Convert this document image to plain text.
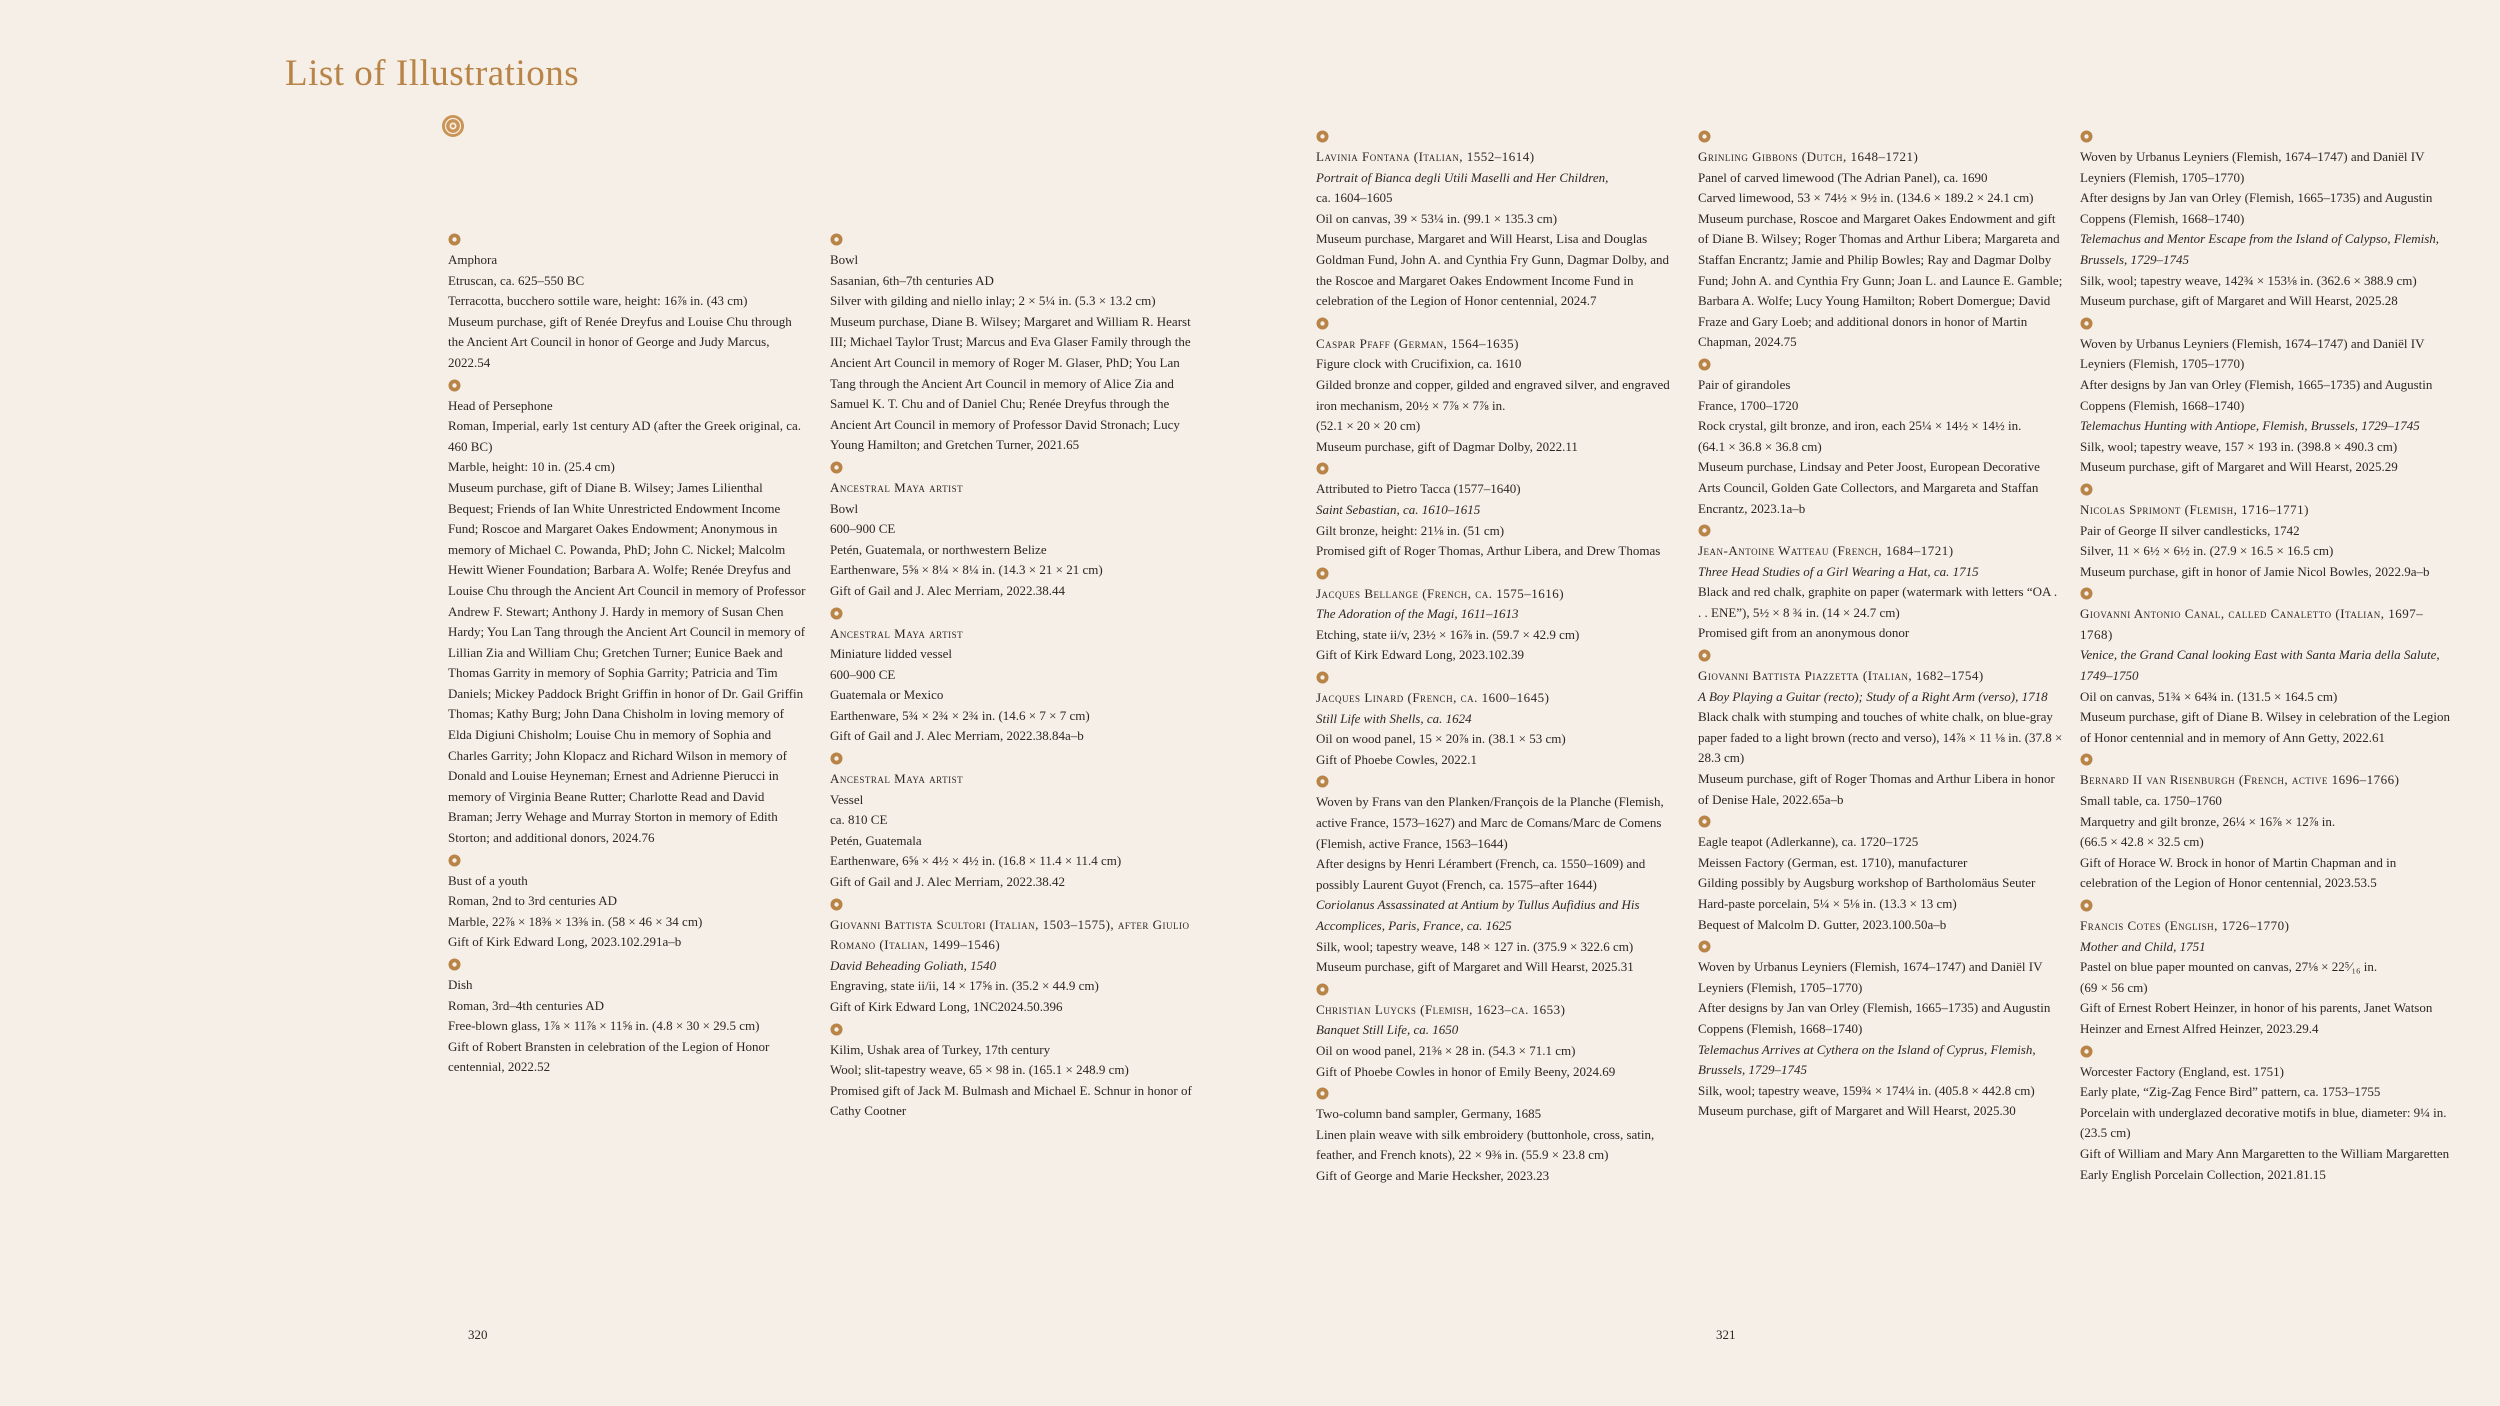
List of Illustrations

Amphora

Etruscan, ca. 625–550 BC

Terracotta, bucchero sottile ware, height: 16⅞ in. (43 cm)

Museum purchase, gift of Renée Dreyfus and Louise Chu through the Ancient Art Council in honor of George and Judy Marcus, 2022.54

Head of Persephone

Roman, Imperial, early 1st century AD (after the Greek original, ca. 460 BC)

Marble, height: 10 in. (25.4 cm)

Museum purchase, gift of Diane B. Wilsey; James Lilienthal Bequest; Friends of Ian White Unrestricted Endowment Income Fund; Roscoe and Margaret Oakes Endowment; Anonymous in memory of Michael C. Powanda, PhD; John C. Nickel; Malcolm Hewitt Wiener Foundation; Barbara A. Wolfe; Renée Dreyfus and Louise Chu through the Ancient Art Council in memory of Professor Andrew F. Stewart; Anthony J. Hardy in memory of Susan Chen Hardy; You Lan Tang through the Ancient Art Council in memory of Lillian Zia and William Chu; Gretchen Turner; Eunice Baek and Thomas Garrity in memory of Sophia Garrity; Patricia and Tim Daniels; Mickey Paddock Bright Griffin in honor of Dr. Gail Griffin Thomas; Kathy Burg; John Dana Chisholm in loving memory of Elda Digiuni Chisholm; Louise Chu in memory of Sophia and Charles Garrity; John Klopacz and Richard Wilson in memory of Donald and Louise Heyneman; Ernest and Adrienne Pierucci in memory of Virginia Beane Rutter; Charlotte Read and David Braman; Jerry Wehage and Murray Storton in memory of Edith Storton; and additional donors, 2024.76

Bust of a youth

Roman, 2nd to 3rd centuries AD

Marble, 22⅞ × 18⅜ × 13⅜ in. (58 × 46 × 34 cm)

Gift of Kirk Edward Long, 2023.102.291a–b

Dish

Roman, 3rd–4th centuries AD

Free-blown glass, 1⅞ × 11⅞ × 11⅝ in. (4.8 × 30 × 29.5 cm)

Gift of Robert Bransten in celebration of the Legion of Honor centennial, 2022.52

Bowl

Sasanian, 6th–7th centuries AD

Silver with gilding and niello inlay; 2 × 5¼ in. (5.3 × 13.2 cm)

Museum purchase, Diane B. Wilsey; Margaret and William R. Hearst III; Michael Taylor Trust; Marcus and Eva Glaser Family through the Ancient Art Council in memory of Roger M. Glaser, PhD; You Lan Tang through the Ancient Art Council in memory of Alice Zia and Samuel K. T. Chu and of Daniel Chu; Renée Dreyfus through the Ancient Art Council in memory of Professor David Stronach; Lucy Young Hamilton; and Gretchen Turner, 2021.65

Ancestral Maya artist

Bowl

600–900 CE

Petén, Guatemala, or northwestern Belize

Earthenware, 5⅝ × 8¼ × 8¼ in. (14.3 × 21 × 21 cm)

Gift of Gail and J. Alec Merriam, 2022.38.44

Ancestral Maya artist

Miniature lidded vessel

600–900 CE

Guatemala or Mexico

Earthenware, 5¾ × 2¾ × 2¾ in. (14.6 × 7 × 7 cm)

Gift of Gail and J. Alec Merriam, 2022.38.84a–b

Ancestral Maya artist

Vessel

ca. 810 CE

Petén, Guatemala

Earthenware, 6⅝ × 4½ × 4½ in. (16.8 × 11.4 × 11.4 cm)

Gift of Gail and J. Alec Merriam, 2022.38.42

Giovanni Battista Scultori (Italian, 1503–1575), after Giulio Romano (Italian, 1499–1546)

David Beheading Goliath, 1540

Engraving, state ii/ii, 14 × 17⅝ in. (35.2 × 44.9 cm)

Gift of Kirk Edward Long, 1NC2024.50.396

Kilim, Ushak area of Turkey, 17th century

Wool; slit-tapestry weave, 65 × 98 in. (165.1 × 248.9 cm)

Promised gift of Jack M. Bulmash and Michael E. Schnur in honor of Cathy Cootner

Lavinia Fontana (Italian, 1552–1614)

Portrait of Bianca degli Utili Maselli and Her Children,

ca. 1604–1605

Oil on canvas, 39 × 53¼ in. (99.1 × 135.3 cm)

Museum purchase, Margaret and Will Hearst, Lisa and Douglas Goldman Fund, John A. and Cynthia Fry Gunn, Dagmar Dolby, and the Roscoe and Margaret Oakes Endowment Income Fund in celebration of the Legion of Honor centennial, 2024.7

Caspar Pfaff (German, 1564–1635)

Figure clock with Crucifixion, ca. 1610

Gilded bronze and copper, gilded and engraved silver, and engraved iron mechanism, 20½ × 7⅞ × 7⅞ in.

(52.1 × 20 × 20 cm)

Museum purchase, gift of Dagmar Dolby, 2022.11

Attributed to Pietro Tacca (1577–1640)

Saint Sebastian, ca. 1610–1615

Gilt bronze, height: 21⅛ in. (51 cm)

Promised gift of Roger Thomas, Arthur Libera, and Drew Thomas

Jacques Bellange (French, ca. 1575–1616)

The Adoration of the Magi, 1611–1613

Etching, state ii/v, 23½ × 16⅞ in. (59.7 × 42.9 cm)

Gift of Kirk Edward Long, 2023.102.39

Jacques Linard (French, ca. 1600–1645)

Still Life with Shells, ca. 1624

Oil on wood panel, 15 × 20⅞ in. (38.1 × 53 cm)

Gift of Phoebe Cowles, 2022.1

Woven by Frans van den Planken/François de la Planche (Flemish, active France, 1573–1627) and Marc de Comans/Marc de Comens (Flemish, active France, 1563–1644)

After designs by Henri Lérambert (French, ca. 1550–1609) and possibly Laurent Guyot (French, ca. 1575–after 1644)

Coriolanus Assassinated at Antium by Tullus Aufidius and His Accomplices, Paris, France, ca. 1625

Silk, wool; tapestry weave, 148 × 127 in. (375.9 × 322.6 cm)

Museum purchase, gift of Margaret and Will Hearst, 2025.31

Christian Luycks (Flemish, 1623–ca. 1653)

Banquet Still Life, ca. 1650

Oil on wood panel, 21⅜ × 28 in. (54.3 × 71.1 cm)

Gift of Phoebe Cowles in honor of Emily Beeny, 2024.69

Two-column band sampler, Germany, 1685

Linen plain weave with silk embroidery (buttonhole, cross, satin, feather, and French knots), 22 × 9⅜ in. (55.9 × 23.8 cm)

Gift of George and Marie Hecksher, 2023.23

Grinling Gibbons (Dutch, 1648–1721)

Panel of carved limewood (The Adrian Panel), ca. 1690

Carved limewood, 53 × 74½ × 9½ in. (134.6 × 189.2 × 24.1 cm)

Museum purchase, Roscoe and Margaret Oakes Endowment and gift of Diane B. Wilsey; Roger Thomas and Arthur Libera; Margareta and Staffan Encrantz; Jamie and Philip Bowles; Ray and Dagmar Dolby Fund; John A. and Cynthia Fry Gunn; Joan L. and Launce E. Gamble; Barbara A. Wolfe; Lucy Young Hamilton; Robert Domergue; David Fraze and Gary Loeb; and additional donors in honor of Martin Chapman, 2024.75

Pair of girandoles

France, 1700–1720

Rock crystal, gilt bronze, and iron, each 25¼ × 14½ × 14½ in.

(64.1 × 36.8 × 36.8 cm)

Museum purchase, Lindsay and Peter Joost, European Decorative Arts Council, Golden Gate Collectors, and Margareta and Staffan Encrantz, 2023.1a–b

Jean-Antoine Watteau (French, 1684–1721)

Three Head Studies of a Girl Wearing a Hat, ca. 1715

Black and red chalk, graphite on paper (watermark with letters “OA . . . ENE”), 5½ × 8 ¾ in. (14 × 24.7 cm)

Promised gift from an anonymous donor

Giovanni Battista Piazzetta (Italian, 1682–1754)

A Boy Playing a Guitar (recto); Study of a Right Arm (verso), 1718

Black chalk with stumping and touches of white chalk, on blue-gray paper faded to a light brown (recto and verso), 14⅞ × 11 ⅛ in. (37.8 × 28.3 cm)

Museum purchase, gift of Roger Thomas and Arthur Libera in honor of Denise Hale, 2022.65a–b

Eagle teapot (Adlerkanne), ca. 1720–1725

Meissen Factory (German, est. 1710), manufacturer

Gilding possibly by Augsburg workshop of Bartholomäus Seuter

Hard-paste porcelain, 5¼ × 5⅛ in. (13.3 × 13 cm)

Bequest of Malcolm D. Gutter, 2023.100.50a–b

Woven by Urbanus Leyniers (Flemish, 1674–1747) and Daniël IV Leyniers (Flemish, 1705–1770)

After designs by Jan van Orley (Flemish, 1665–1735) and Augustin Coppens (Flemish, 1668–1740)

Telemachus Arrives at Cythera on the Island of Cyprus, Flemish, Brussels, 1729–1745

Silk, wool; tapestry weave, 159¾ × 174¼ in. (405.8 × 442.8 cm)

Museum purchase, gift of Margaret and Will Hearst, 2025.30

Woven by Urbanus Leyniers (Flemish, 1674–1747) and Daniël IV Leyniers (Flemish, 1705–1770)

After designs by Jan van Orley (Flemish, 1665–1735) and Augustin Coppens (Flemish, 1668–1740)

Telemachus and Mentor Escape from the Island of Calypso, Flemish, Brussels, 1729–1745

Silk, wool; tapestry weave, 142¾ × 153⅛ in. (362.6 × 388.9 cm)

Museum purchase, gift of Margaret and Will Hearst, 2025.28

Woven by Urbanus Leyniers (Flemish, 1674–1747) and Daniël IV Leyniers (Flemish, 1705–1770)

After designs by Jan van Orley (Flemish, 1665–1735) and Augustin Coppens (Flemish, 1668–1740)

Telemachus Hunting with Antiope, Flemish, Brussels, 1729–1745

Silk, wool; tapestry weave, 157 × 193 in. (398.8 × 490.3 cm)

Museum purchase, gift of Margaret and Will Hearst, 2025.29

Nicolas Sprimont (Flemish, 1716–1771)

Pair of George II silver candlesticks, 1742

Silver, 11 × 6½ × 6½ in. (27.9 × 16.5 × 16.5 cm)

Museum purchase, gift in honor of Jamie Nicol Bowles, 2022.9a–b

Giovanni Antonio Canal, called Canaletto (Italian, 1697–1768)

Venice, the Grand Canal looking East with Santa Maria della Salute, 1749–1750

Oil on canvas, 51¾ × 64¾ in. (131.5 × 164.5 cm)

Museum purchase, gift of Diane B. Wilsey in celebration of the Legion of Honor centennial and in memory of Ann Getty, 2022.61

Bernard II van Risenburgh (French, active 1696–1766)

Small table, ca. 1750–1760

Marquetry and gilt bronze, 26¼ × 16⅞ × 12⅞ in.

(66.5 × 42.8 × 32.5 cm)

Gift of Horace W. Brock in honor of Martin Chapman and in celebration of the Legion of Honor centennial, 2023.53.5

Francis Cotes (English, 1726–1770)

Mother and Child, 1751

Pastel on blue paper mounted on canvas, 27⅛ × 22⁵⁄₁₆ in.

(69 × 56 cm)

Gift of Ernest Robert Heinzer, in honor of his parents, Janet Watson Heinzer and Ernest Alfred Heinzer, 2023.29.4

Worcester Factory (England, est. 1751)

Early plate, “Zig-Zag Fence Bird” pattern, ca. 1753–1755

Porcelain with underglazed decorative motifs in blue, diameter: 9¼ in. (23.5 cm)

Gift of William and Mary Ann Margaretten to the William Margaretten Early English Porcelain Collection, 2021.81.15

320	321
